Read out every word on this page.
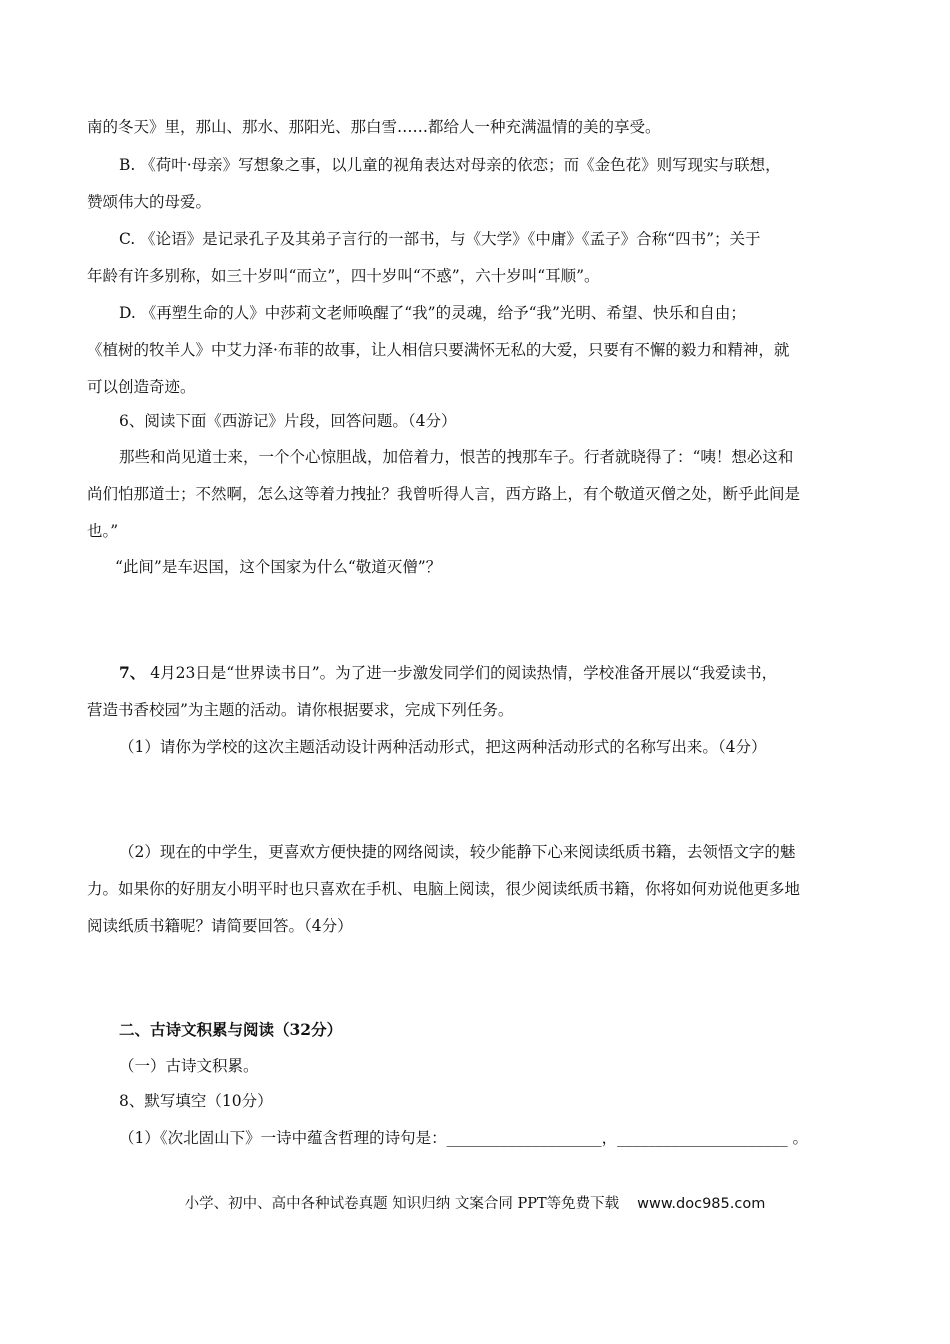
南的冬天》里，那山、那水、那阳光、那白雪……都给人一种充满温情的美的享受。
B. 《荷叶·母亲》写想象之事，以儿童的视角表达对母亲的依恋；而《金色花》则写现实与联想，
赞颂伟大的母爱。
C. 《论语》是记录孔子及其弟子言行的一部书，与《大学》《中庸》《孟子》合称“四书”；关于
年龄有许多别称，如三十岁叫“而立”，四十岁叫“不惑”，六十岁叫“耳顺”。
D. 《再塑生命的人》中莎莉文老师唤醒了“我”的灵魂，给予“我”光明、希望、快乐和自由；
《植树的牧羊人》中艾力泽·布菲的故事，让人相信只要满怀无私的大爱，只要有不懈的毅力和精神，就
可以创造奇迹。
6、阅读下面《西游记》片段，回答问题。（4分）
那些和尚见道士来，一个个心惊胆战，加倍着力，恨苦的拽那车子。行者就晓得了：“咦！想必这和
尚们怕那道士；不然啊，怎么这等着力拽扯？我曾听得人言，西方路上，有个敬道灭僧之处，断乎此间是
也。”
“此间”是车迟国，这个国家为什么“敬道灭僧”？
7、 4月23日是“世界读书日”。为了进一步激发同学们的阅读热情，学校准备开展以“我爱读书，
营造书香校园”为主题的活动。请你根据要求，完成下列任务。
（1）请你为学校的这次主题活动设计两种活动形式，把这两种活动形式的名称写出来。（4分）
（2）现在的中学生，更喜欢方便快捷的网络阅读，较少能静下心来阅读纸质书籍，去领悟文字的魅
力。如果你的好朋友小明平时也只喜欢在手机、电脑上阅读，很少阅读纸质书籍，你将如何劝说他更多地
阅读纸质书籍呢？请简要回答。（4分）
二、古诗文积累与阅读（32分）
（一）古诗文积累。
8、默写填空（10分）
（1）《次北固山下》一诗中蕴含哲理的诗句是：____________________，______________________ 。
小学、初中、高中各种试卷真题 知识归纳 文案合同 PPT等免费下载 www.doc985.com
